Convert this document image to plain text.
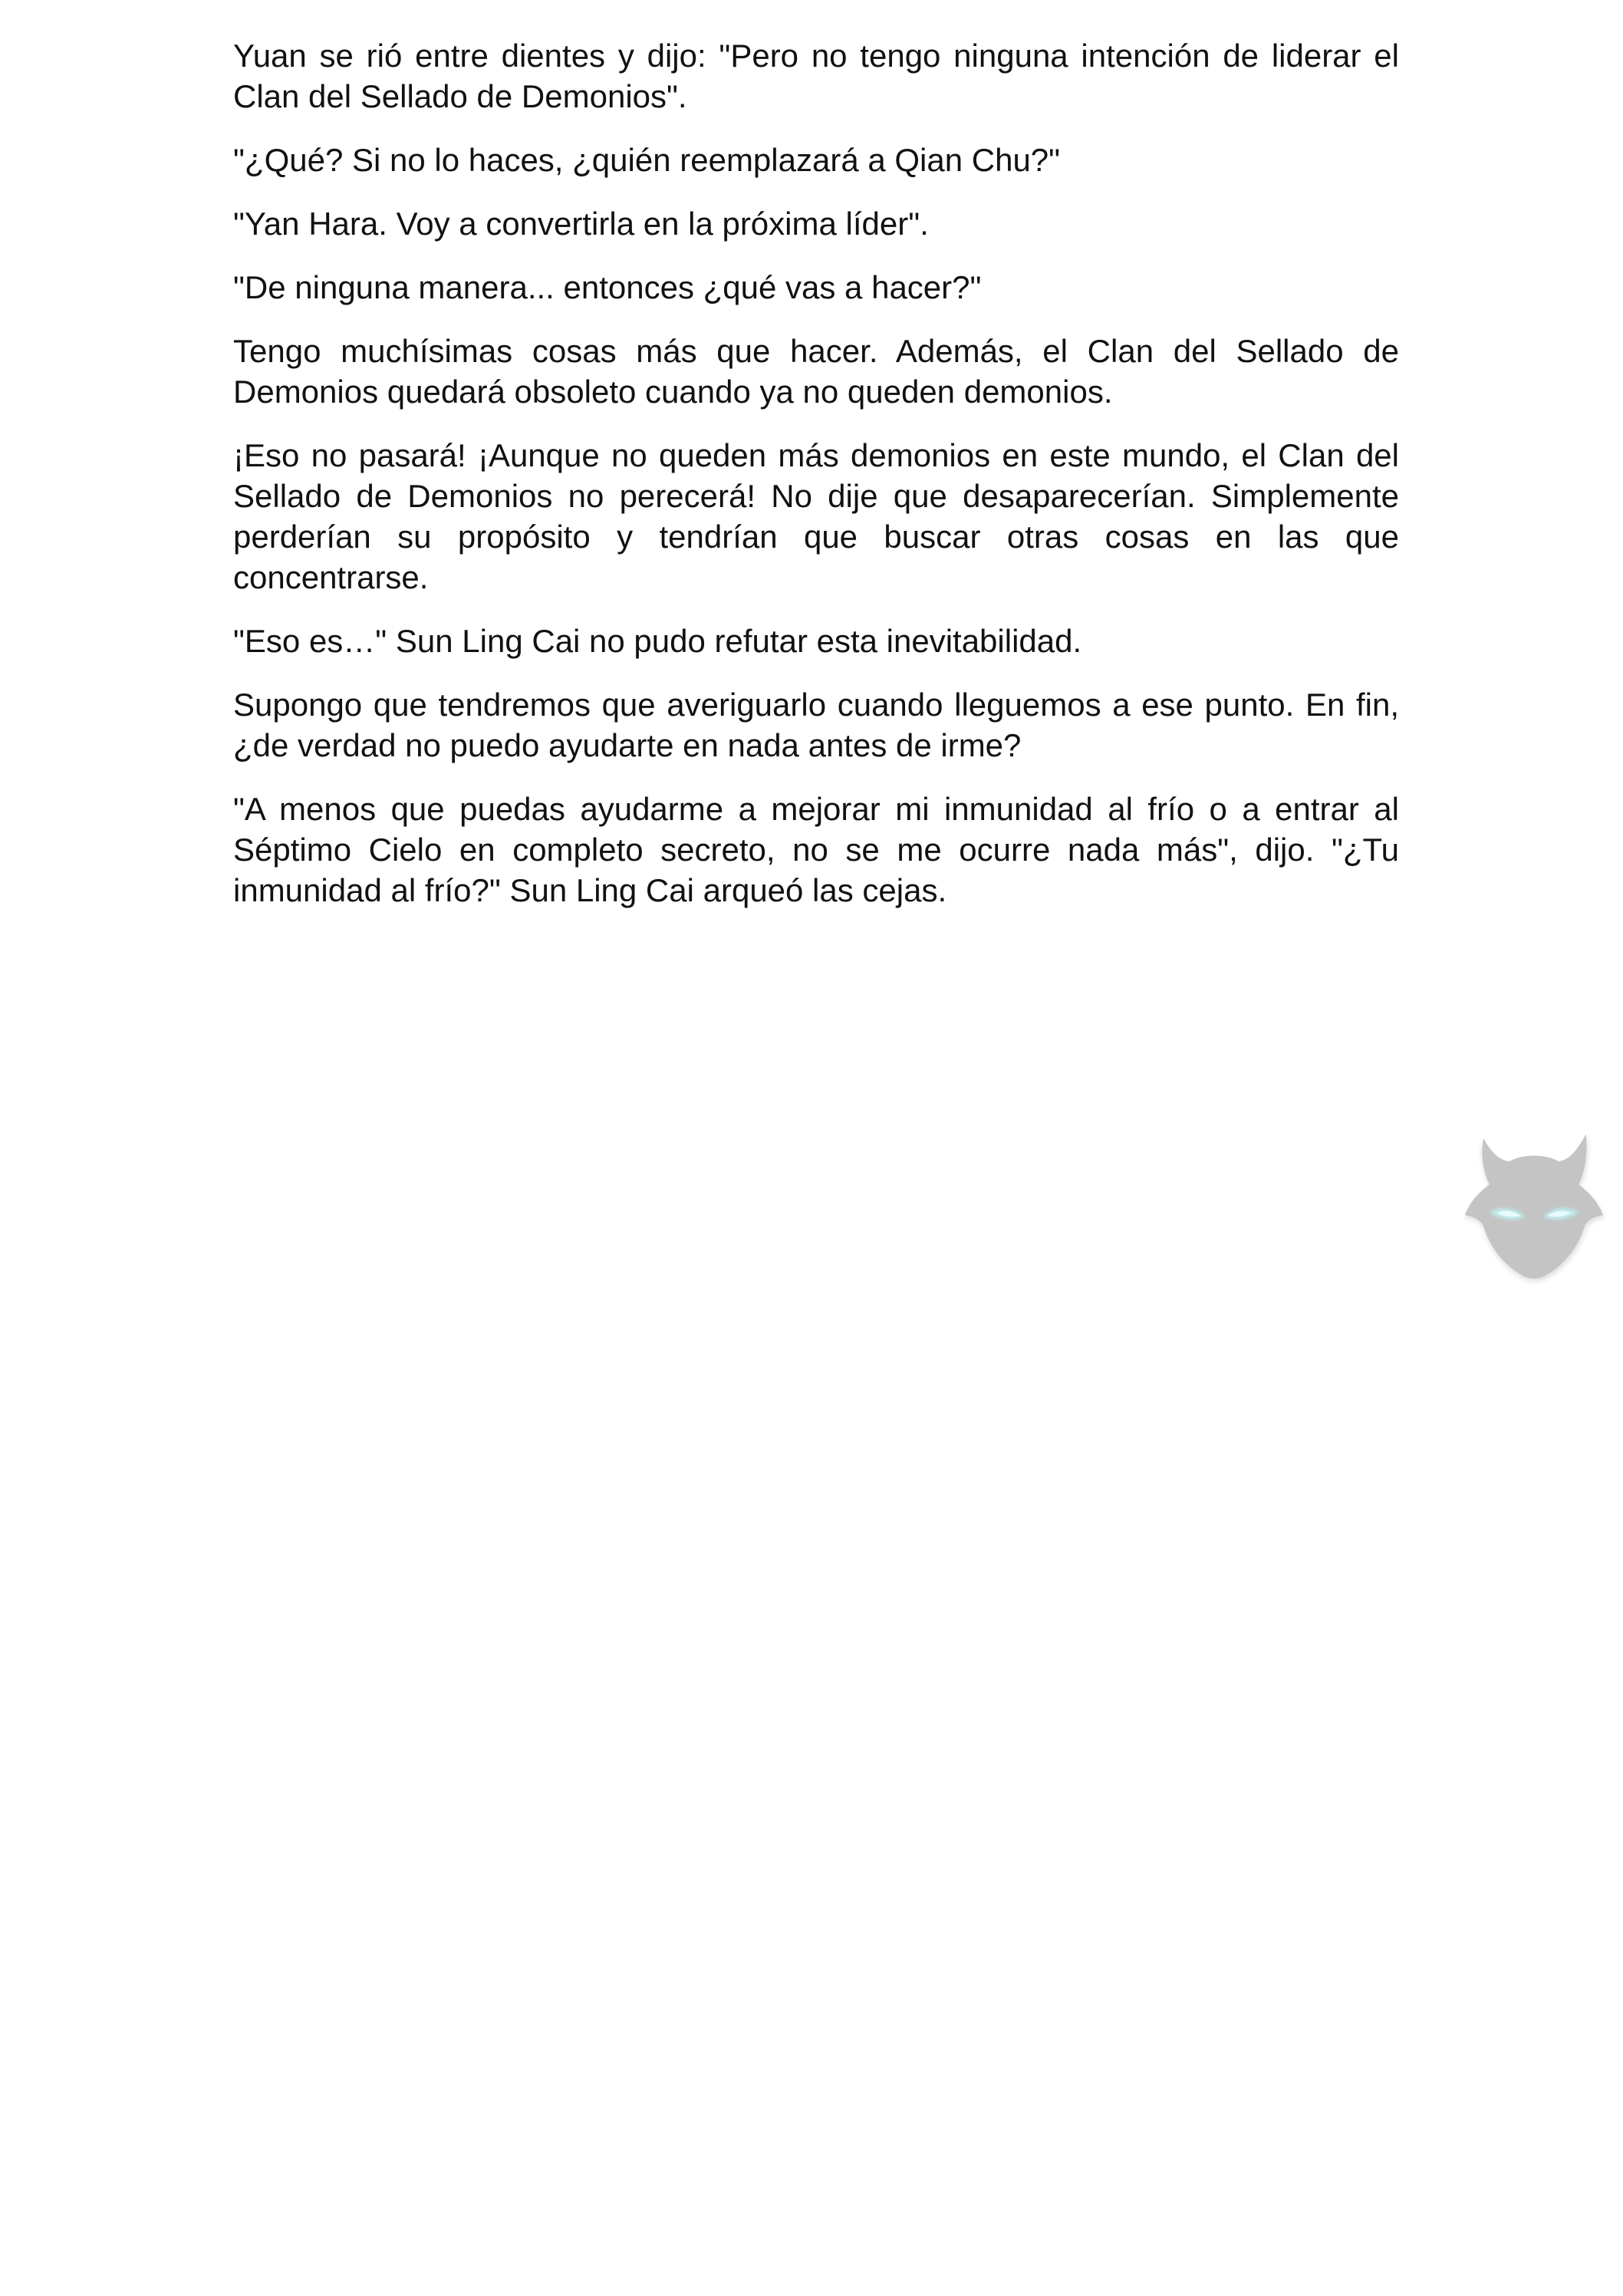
Yuan se rió entre dientes y dijo: "Pero no tengo ninguna intención de liderar el Clan del Sellado de Demonios".

"¿Qué? Si no lo haces, ¿quién reemplazará a Qian Chu?"

"Yan Hara. Voy a convertirla en la próxima líder".

"De ninguna manera... entonces ¿qué vas a hacer?"

Tengo muchísimas cosas más que hacer. Además, el Clan del Sellado de Demonios quedará obsoleto cuando ya no queden demonios.

¡Eso no pasará! ¡Aunque no queden más demonios en este mundo, el Clan del Sellado de Demonios no perecerá! No dije que desaparecerían. Simplemente perderían su propósito y tendrían que buscar otras cosas en las que concentrarse.

"Eso es…" Sun Ling Cai no pudo refutar esta inevitabilidad.

Supongo que tendremos que averiguarlo cuando lleguemos a ese punto. En fin, ¿de verdad no puedo ayudarte en nada antes de irme?

"A menos que puedas ayudarme a mejorar mi inmunidad al frío o a entrar al Séptimo Cielo en completo secreto, no se me ocurre nada más", dijo. "¿Tu inmunidad al frío?" Sun Ling Cai arqueó las cejas.
